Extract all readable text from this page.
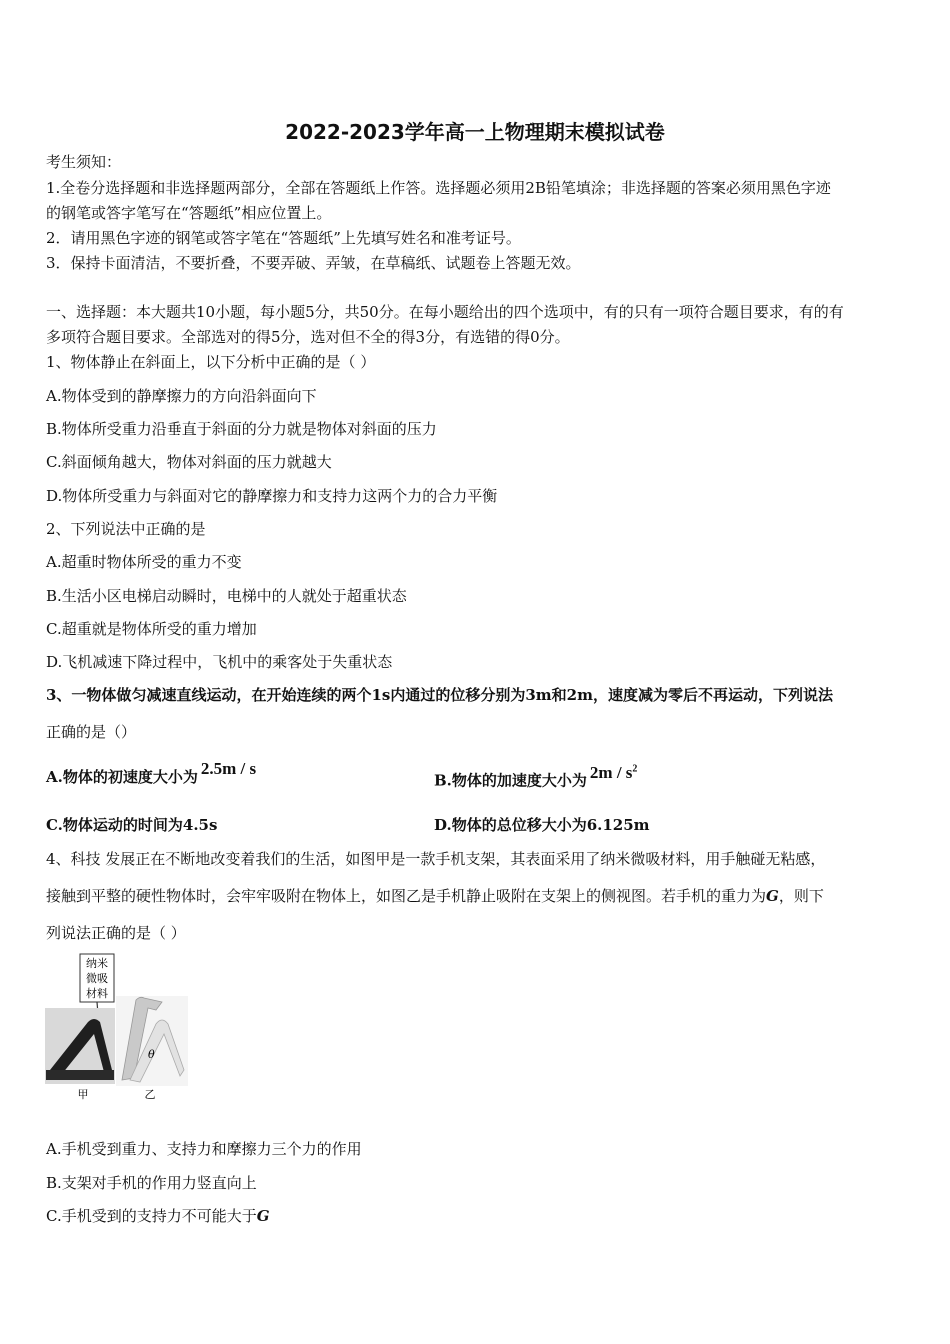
2022-2023学年高一上物理期末模拟试卷
考生须知：
1.全卷分选择题和非选择题两部分，全部在答题纸上作答。选择题必须用2B铅笔填涂；非选择题的答案必须用黑色字迹
的钢笔或答字笔写在“答题纸”相应位置上。
2．请用黑色字迹的钢笔或答字笔在“答题纸”上先填写姓名和准考证号。
3．保持卡面清洁，不要折叠，不要弄破、弄皱，在草稿纸、试题卷上答题无效。
一、选择题：本大题共10小题，每小题5分，共50分。在每小题给出的四个选项中，有的只有一项符合题目要求，有的有
多项符合题目要求。全部选对的得5分，选对但不全的得3分，有选错的得0分。
1、物体静止在斜面上，以下分析中正确的是（ ）
A.物体受到的静摩擦力的方向沿斜面向下
B.物体所受重力沿垂直于斜面的分力就是物体对斜面的压力
C.斜面倾角越大，物体对斜面的压力就越大
D.物体所受重力与斜面对它的静摩擦力和支持力这两个力的合力平衡
2、下列说法中正确的是
A.超重时物体所受的重力不变
B.生活小区电梯启动瞬时，电梯中的人就处于超重状态
C.超重就是物体所受的重力增加
D.飞机减速下降过程中，飞机中的乘客处于失重状态
3、一物体做匀减速直线运动，在开始连续的两个1s内通过的位移分别为3m和2m，速度减为零后不再运动，下列说法
正确的是（）
A.物体的初速度大小为 2.5m / s
B.物体的加速度大小为 $2m / s^2$
C.物体运动的时间为4.5s	D.物体的总位移大小为6.125m
4、科技 发展正在不断地改变着我们的生活，如图甲是一款手机支架，其表面采用了纳米微吸材料，用手触碰无粘感，
接触到平整的硬性物体时，会牢牢吸附在物体上，如图乙是手机静止吸附在支架上的侧视图。若手机的重力为G，则下
列说法正确的是（ ）
纳米
微吸
材料
θ
甲	乙
A.手机受到重力、支持力和摩擦力三个力的作用
B.支架对手机的作用力竖直向上
C.手机受到的支持力不可能大于G
